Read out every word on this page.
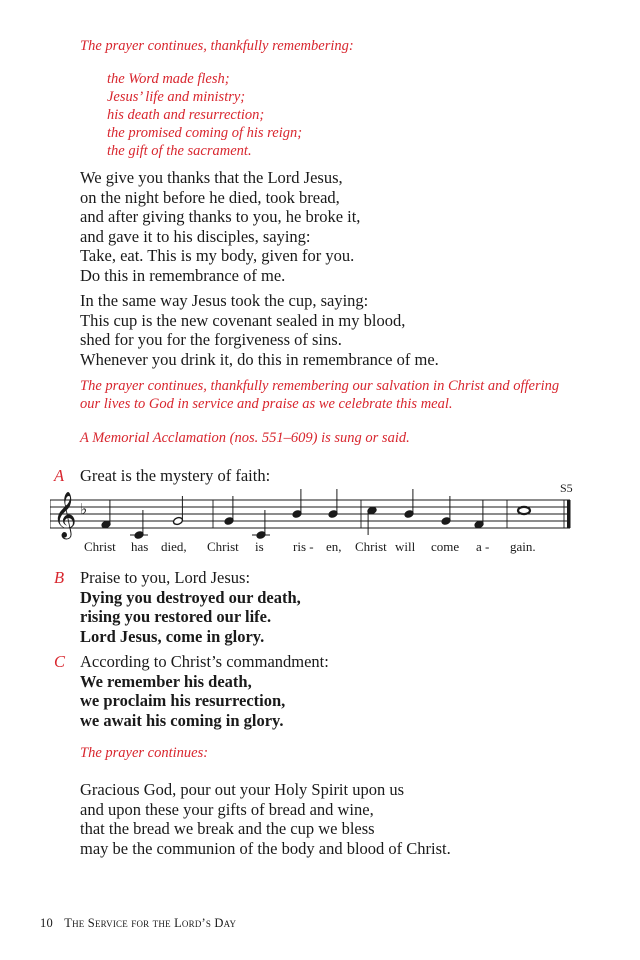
The prayer continues, thankfully remembering:
the Word made flesh;
Jesus’ life and ministry;
his death and resurrection;
the promised coming of his reign;
the gift of the sacrament.
We give you thanks that the Lord Jesus,
on the night before he died, took bread,
and after giving thanks to you, he broke it,
and gave it to his disciples, saying:
Take, eat. This is my body, given for you.
Do this in remembrance of me.
In the same way Jesus took the cup, saying:
This cup is the new covenant sealed in my blood,
shed for you for the forgiveness of sins.
Whenever you drink it, do this in remembrance of me.
The prayer continues, thankfully remembering our salvation in Christ and offering
our lives to God in service and praise as we celebrate this meal.
A Memorial Acclamation (nos. 551–609) is sung or said.
A Great is the mystery of faith:
𝄞 ♭
S5
Christ has died, Christ is ris - en, Christ will come a - gain.
B Praise to you, Lord Jesus:
Dying you destroyed our death,
rising you restored our life.
Lord Jesus, come in glory.
C According to Christ’s commandment:
We remember his death,
we proclaim his resurrection,
we await his coming in glory.
The prayer continues:
Gracious God, pour out your Holy Spirit upon us
and upon these your gifts of bread and wine,
that the bread we break and the cup we bless
may be the communion of the body and blood of Christ.
10 The Service for the Lord’s Day
